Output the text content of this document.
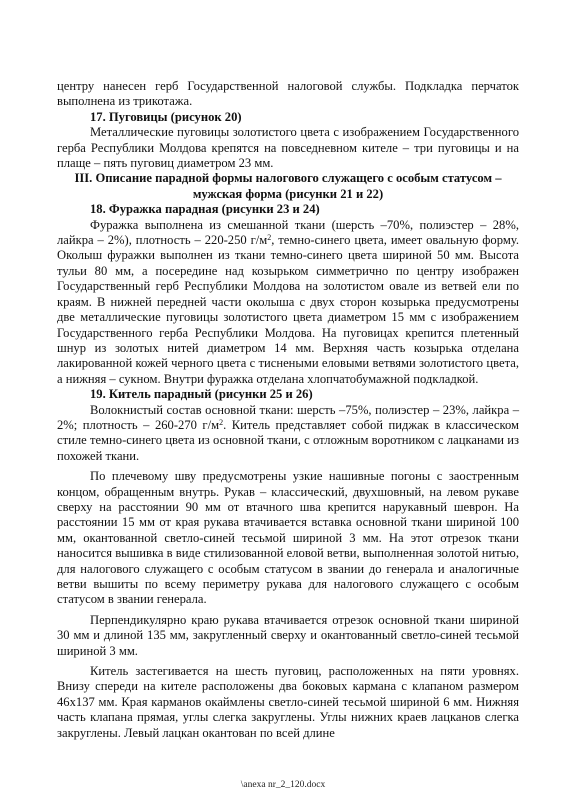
центру нанесен герб Государственной налоговой службы. Подкладка перчаток выполнена из трикотажа.

17. Пуговицы (рисунок 20)

Металлические пуговицы золотистого цвета с изображением Государственного герба Республики Молдова крепятся на повседневном кителе – три пуговицы и на плаще – пять пуговиц диаметром 23 мм.

III. Описание парадной формы налогового служащего с особым статусом – мужская форма (рисунки 21 и 22)

18. Фуражка парадная (рисунки 23 и 24)

Фуражка выполнена из смешанной ткани (шерсть –70%, полиэстер – 28%, лайкра – 2%), плотность – 220-250 $г/м^2$, темно-синего цвета, имеет овальную форму. Околыш фуражки выполнен из ткани темно-синего цвета шириной 50 мм. Высота тульи 80 мм, а посередине над козырьком симметрично по центру изображен Государственный герб Республики Молдова на золотистом овале из ветвей ели по краям. В нижней передней части околыша с двух сторон козырька предусмотрены две металлические пуговицы золотистого цвета диаметром 15 мм с изображением Государственного герба Республики Молдова. На пуговицах крепится плетенный шнур из золотых нитей диаметром 14 мм. Верхняя часть козырька отделана лакированной кожей черного цвета с тиснеными еловыми ветвями золотистого цвета, а нижняя – сукном. Внутри фуражка отделана хлопчатобумажной подкладкой.

19. Китель парадный (рисунки 25 и 26)

Волокнистый состав основной ткани: шерсть –75%, полиэстер – 23%, лайкра – 2%; плотность – 260-270 $г/м^2$. Китель представляет собой пиджак в классическом стиле темно-синего цвета из основной ткани, с отложным воротником с лацканами из похожей ткани.

По плечевому шву предусмотрены узкие нашивные погоны с заостренным концом, обращенным внутрь. Рукав – классический, двухшовный, на левом рукаве сверху на расстоянии 90 мм от втачного шва крепится нарукавный шеврон. На расстоянии 15 мм от края рукава втачивается вставка основной ткани шириной 100 мм, окантованной светло-синей тесьмой шириной 3 мм. На этот отрезок ткани наносится вышивка в виде стилизованной еловой ветви, выполненная золотой нитью, для налогового служащего с особым статусом в звании до генерала и аналогичные ветви вышиты по всему периметру рукава для налогового служащего с особым статусом в звании генерала.

Перпендикулярно краю рукава втачивается отрезок основной ткани шириной 30 мм и длиной 135 мм, закругленный сверху и окантованный светло-синей тесьмой шириной 3 мм.

Китель застегивается на шесть пуговиц, расположенных на пяти уровнях. Внизу спереди на кителе расположены два боковых кармана с клапаном размером 46х137 мм. Края карманов окаймлены светло-синей тесьмой шириной 6 мм. Нижняя часть клапана прямая, углы слегка закруглены. Углы нижних краев лацканов слегка закруглены. Левый лацкан окантован по всей длине

\anexa nr_2_120.docx
